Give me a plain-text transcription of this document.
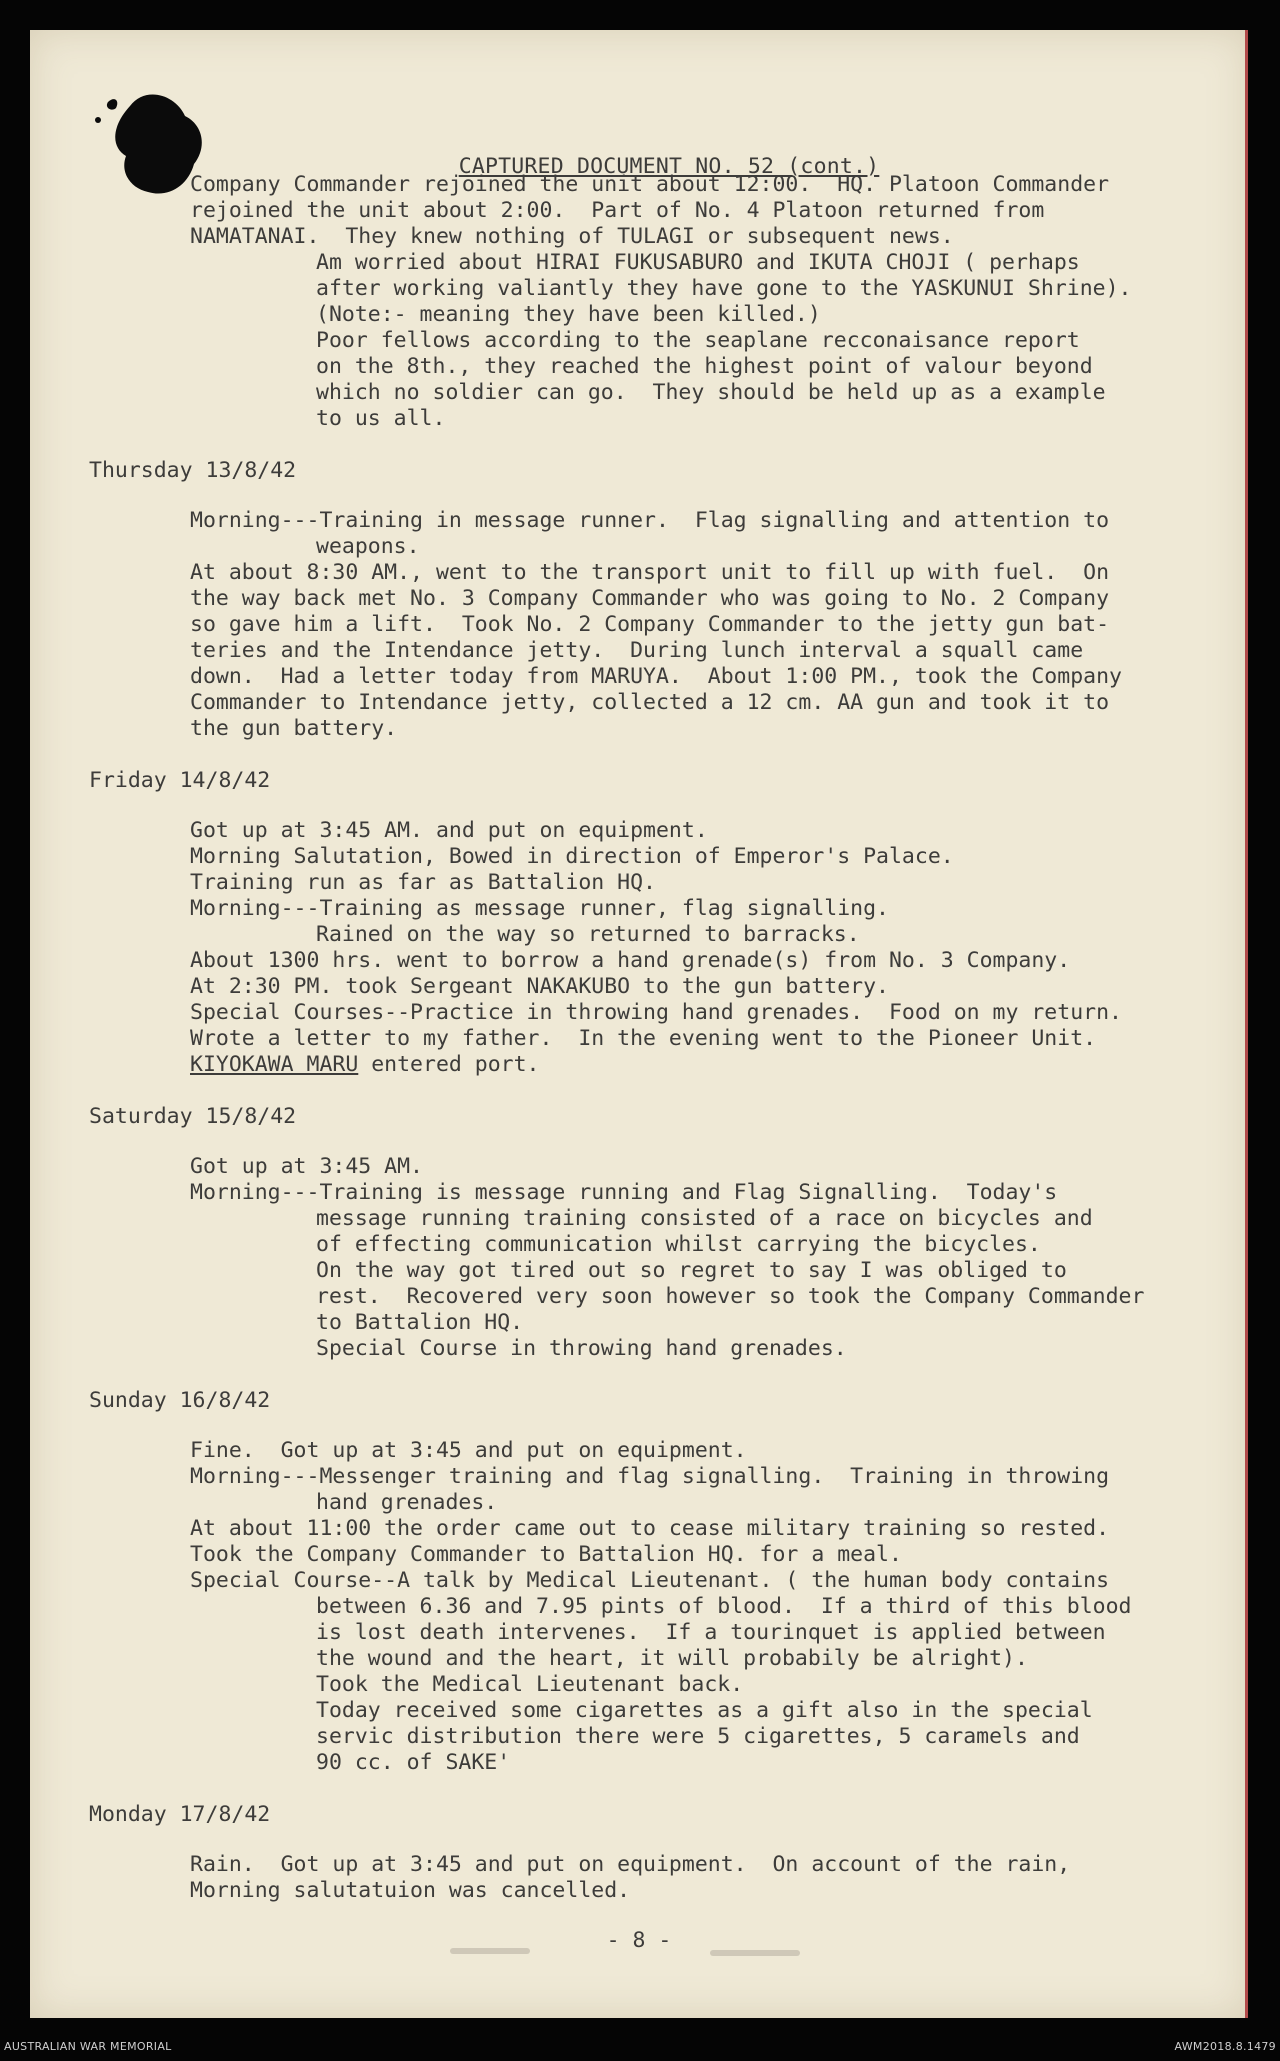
CAPTURED DOCUMENT NO. 52 (cont.)
Company Commander rejoined the unit about 12:00.  HQ. Platoon Commander
rejoined the unit about 2:00.  Part of No. 4 Platoon returned from
NAMATANAI.  They knew nothing of TULAGI or subsequent news.
Am worried about HIRAI FUKUSABURO and IKUTA CHOJI ( perhaps
after working valiantly they have gone to the YASKUNUI Shrine).
(Note:- meaning they have been killed.)
Poor fellows according to the seaplane recconaisance report
on the 8th., they reached the highest point of valour beyond
which no soldier can go.  They should be held up as a example
to us all.
Thursday 13/8/42
Morning---Training in message runner.  Flag signalling and attention to
weapons.
At about 8:30 AM., went to the transport unit to fill up with fuel.  On
the way back met No. 3 Company Commander who was going to No. 2 Company
so gave him a lift.  Took No. 2 Company Commander to the jetty gun bat-
teries and the Intendance jetty.  During lunch interval a squall came
down.  Had a letter today from MARUYA.  About 1:00 PM., took the Company
Commander to Intendance jetty, collected a 12 cm. AA gun and took it to
the gun battery.
Friday 14/8/42
Got up at 3:45 AM. and put on equipment.
Morning Salutation, Bowed in direction of Emperor's Palace.
Training run as far as Battalion HQ.
Morning---Training as message runner, flag signalling.
Rained on the way so returned to barracks.
About 1300 hrs. went to borrow a hand grenade(s) from No. 3 Company.
At 2:30 PM. took Sergeant NAKAKUBO to the gun battery.
Special Courses--Practice in throwing hand grenades.  Food on my return.
Wrote a letter to my father.  In the evening went to the Pioneer Unit.
KIYOKAWA MARU entered port.
Saturday 15/8/42
Got up at 3:45 AM.
Morning---Training is message running and Flag Signalling.  Today's
message running training consisted of a race on bicycles and
of effecting communication whilst carrying the bicycles.
On the way got tired out so regret to say I was obliged to
rest.  Recovered very soon however so took the Company Commander
to Battalion HQ.
Special Course in throwing hand grenades.
Sunday 16/8/42
Fine.  Got up at 3:45 and put on equipment.
Morning---Messenger training and flag signalling.  Training in throwing
hand grenades.
At about 11:00 the order came out to cease military training so rested.
Took the Company Commander to Battalion HQ. for a meal.
Special Course--A talk by Medical Lieutenant. ( the human body contains
between 6.36 and 7.95 pints of blood.  If a third of this blood
is lost death intervenes.  If a tourinquet is applied between
the wound and the heart, it will probabily be alright).
Took the Medical Lieutenant back.
Today received some cigarettes as a gift also in the special
servic distribution there were 5 cigarettes, 5 caramels and
90 cc. of SAKE'
Monday 17/8/42
Rain.  Got up at 3:45 and put on equipment.  On account of the rain,
Morning salutatuion was cancelled.
- 8 -
AUSTRALIAN WAR MEMORIAL	AWM2018.8.1479
